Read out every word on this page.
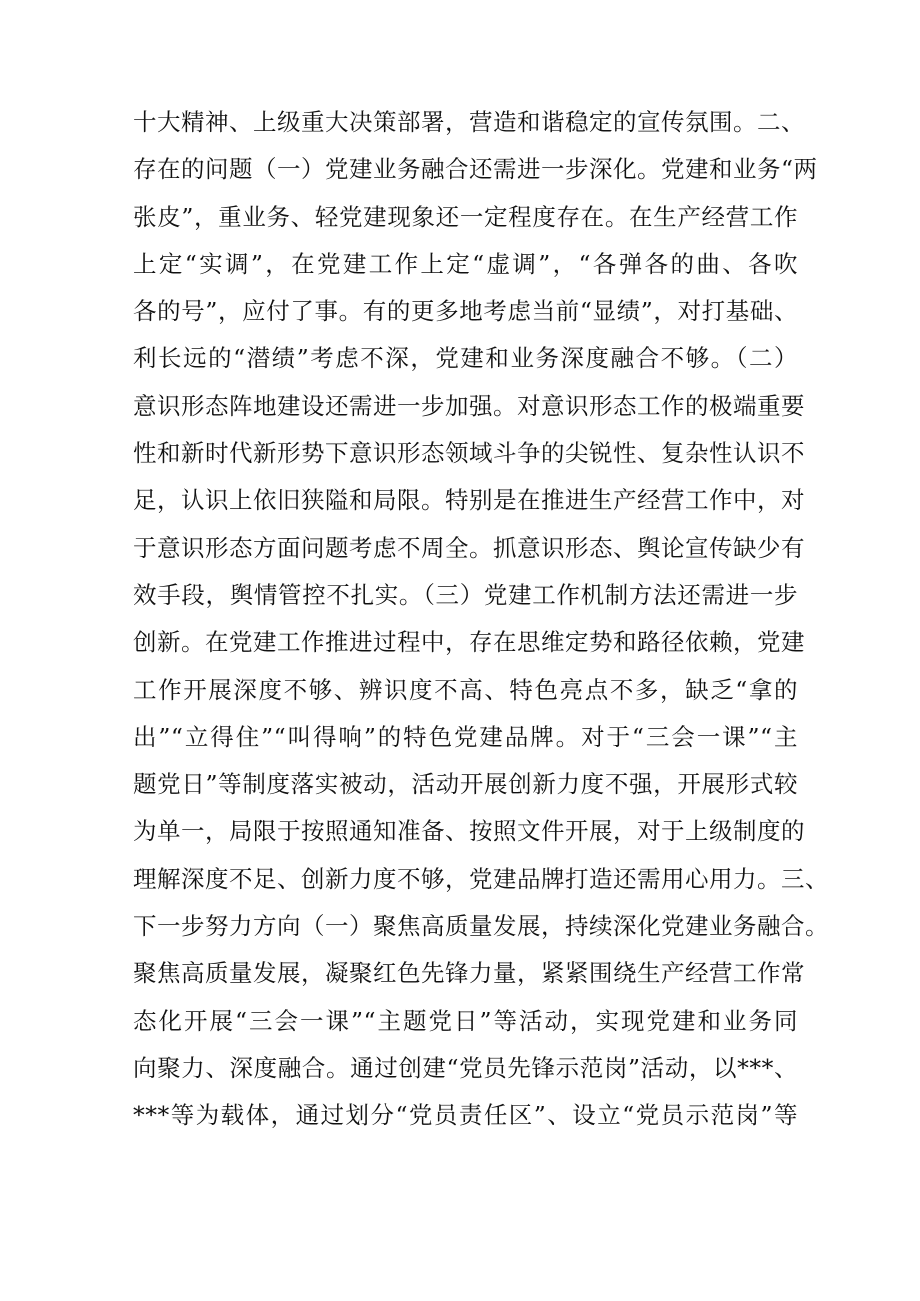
十大精神、上级重大决策部署，营造和谐稳定的宣传氛围。二、
存在的问题（一）党建业务融合还需进一步深化。党建和业务“两
张皮”，重业务、轻党建现象还一定程度存在。在生产经营工作
上定“实调”，在党建工作上定“虚调”，“各弹各的曲、各吹
各的号”，应付了事。有的更多地考虑当前“显绩”，对打基础、
利长远的“潜绩”考虑不深，党建和业务深度融合不够。（二）
意识形态阵地建设还需进一步加强。对意识形态工作的极端重要
性和新时代新形势下意识形态领域斗争的尖锐性、复杂性认识不
足，认识上依旧狭隘和局限。特别是在推进生产经营工作中，对
于意识形态方面问题考虑不周全。抓意识形态、舆论宣传缺少有
效手段，舆情管控不扎实。（三）党建工作机制方法还需进一步
创新。在党建工作推进过程中，存在思维定势和路径依赖，党建
工作开展深度不够、辨识度不高、特色亮点不多，缺乏“拿的
出”“立得住”“叫得响”的特色党建品牌。对于“三会一课”“主
题党日”等制度落实被动，活动开展创新力度不强，开展形式较
为单一，局限于按照通知准备、按照文件开展，对于上级制度的
理解深度不足、创新力度不够，党建品牌打造还需用心用力。三、
下一步努力方向（一）聚焦高质量发展，持续深化党建业务融合。
聚焦高质量发展，凝聚红色先锋力量，紧紧围绕生产经营工作常
态化开展“三会一课”“主题党日”等活动，实现党建和业务同
向聚力、深度融合。通过创建“党员先锋示范岗”活动，以***、
***等为载体，通过划分“党员责任区”、设立“党员示范岗”等
